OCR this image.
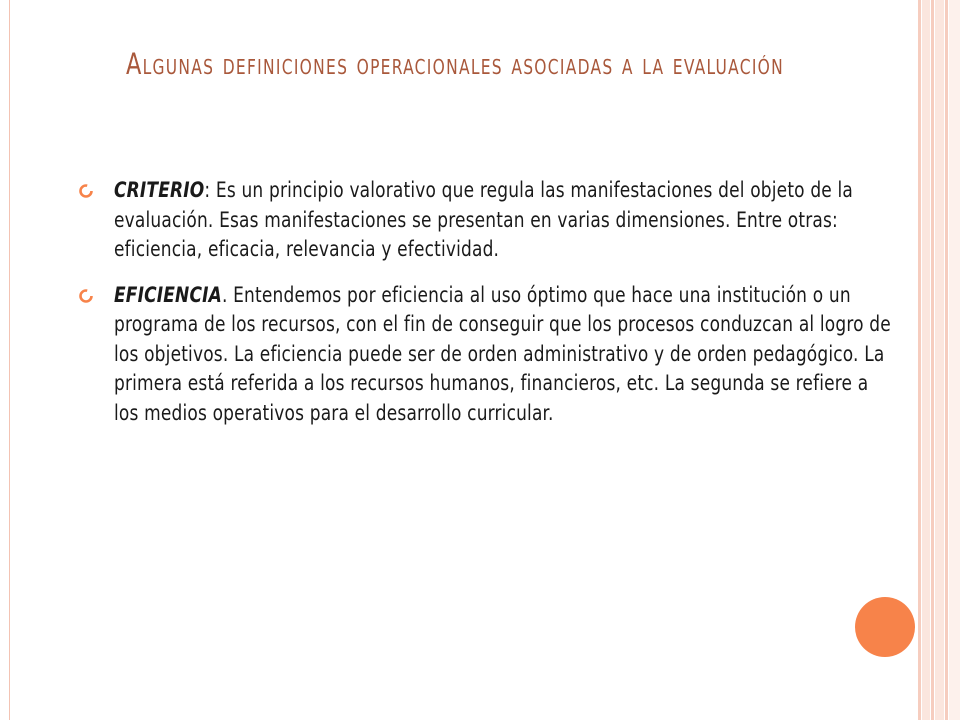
Algunas definiciones operacionales asociadas a la evaluación
CRITERIO: Es un principio valorativo que regula las manifestaciones del objeto de la evaluación. Esas manifestaciones se presentan en varias dimensiones. Entre otras: eficiencia, eficacia, relevancia y efectividad.
EFICIENCIA. Entendemos por eficiencia al uso óptimo que hace una institución o un programa de los recursos, con el fin de conseguir que los procesos conduzcan al logro de los objetivos. La eficiencia puede ser de orden administrativo y de orden pedagógico. La primera está referida a los recursos humanos, financieros, etc. La segunda se refiere a los medios operativos para el desarrollo curricular.
